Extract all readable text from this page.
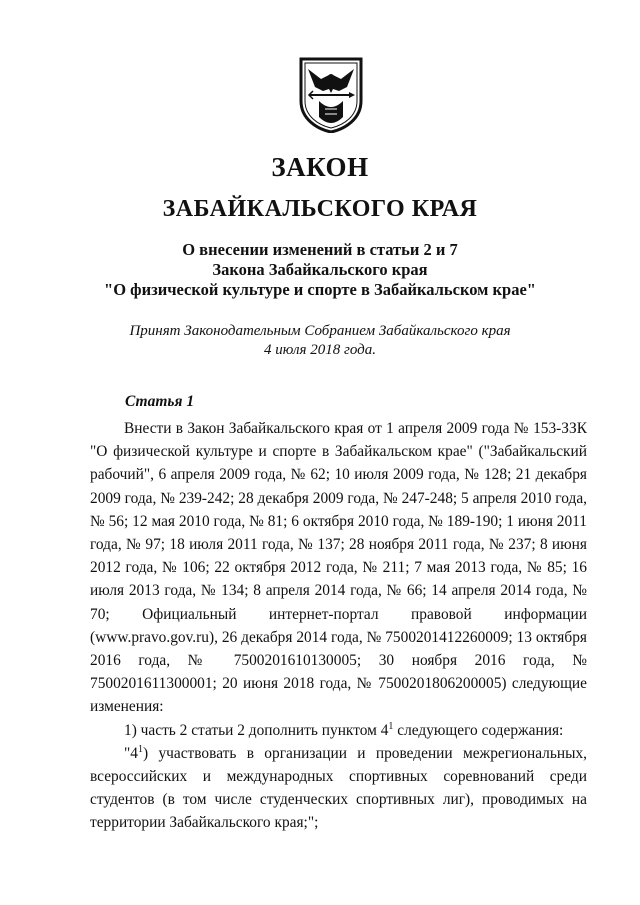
ЗАКОН
ЗАБАЙКАЛЬСКОГО КРАЯ
О внесении изменений в статьи 2 и 7
Закона Забайкальского края
"О физической культуре и спорте в Забайкальском крае"
Принят Законодательным Собранием Забайкальского края
4 июля 2018 года.
Статья 1

Внести в Закон Забайкальского края от 1 апреля 2009 года № 153-ЗЗК "О физической культуре и спорте в Забайкальском крае" ("Забайкальский рабочий", 6 апреля 2009 года, № 62; 10 июля 2009 года, № 128; 21 декабря 2009 года, № 239-242; 28 декабря 2009 года, № 247-248; 5 апреля 2010 года, № 56; 12 мая 2010 года, № 81; 6 октября 2010 года, № 189-190; 1 июня 2011 года, № 97; 18 июля 2011 года, № 137; 28 ноября 2011 года, № 237; 8 июня 2012 года, № 106; 22 октября 2012 года, № 211; 7 мая 2013 года, № 85; 16 июля 2013 года, № 134; 8 апреля 2014 года, № 66; 14 апреля 2014 года, № 70; Официальный интернет-портал правовой информации (www.pravo.gov.ru), 26 декабря 2014 года, № 7500201412260009; 13 октября 2016 года, № 7500201610130005; 30 ноября 2016 года, № 7500201611300001; 20 июня 2018 года, № 7500201806200005) следующие изменения:

1) часть 2 статьи 2 дополнить пунктом $4^1$ следующего содержания:

"$4^1$) участвовать в организации и проведении межрегиональных, всероссийских и международных спортивных соревнований среди студентов (в том числе студенческих спортивных лиг), проводимых на территории Забайкальского края;";
